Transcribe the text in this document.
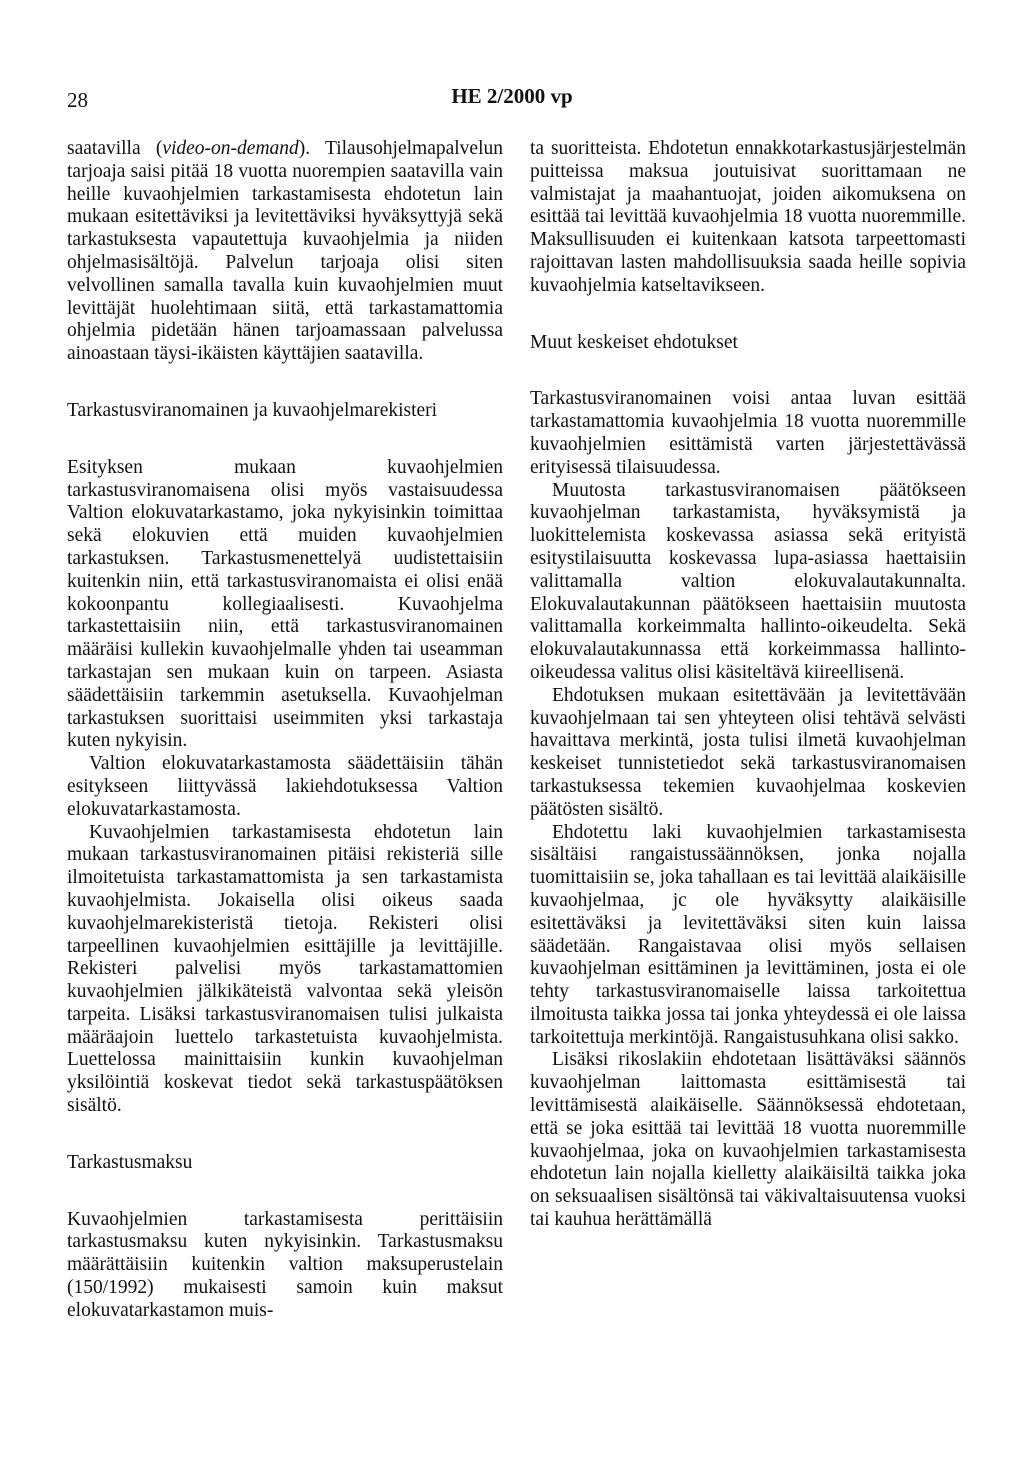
28	HE 2/2000 vp

saatavilla (video-on-demand). Tilausohjelmapalvelun tarjoaja saisi pitää 18 vuotta nuorempien saatavilla vain heille kuvaohjelmien tarkastamisesta ehdotetun lain mukaan esitettäviksi ja levitettäviksi hyväksyttyjä sekä tarkastuksesta vapautettuja kuvaohjelmia ja niiden ohjelmasisältöjä. Palvelun tarjoaja olisi siten velvollinen samalla tavalla kuin kuvaohjelmien muut levittäjät huolehtimaan siitä, että tarkastamattomia ohjelmia pidetään hänen tarjoamassaan palvelussa ainoastaan täysi-ikäisten käyttäjien saatavilla.

Tarkastusviranomainen ja kuvaohjelmarekisteri

Esityksen mukaan kuvaohjelmien tarkastusviranomaisena olisi myös vastaisuudessa Valtion elokuvatarkastamo, joka nykyisinkin toimittaa sekä elokuvien että muiden kuvaohjelmien tarkastuksen. Tarkastusmenettelyä uudistettaisiin kuitenkin niin, että tarkastusviranomaista ei olisi enää kokoonpantu kollegiaalisesti. Kuvaohjelma tarkastettaisiin niin, että tarkastusviranomainen määräisi kullekin kuvaohjelmalle yhden tai useamman tarkastajan sen mukaan kuin on tarpeen. Asiasta säädettäisiin tarkemmin asetuksella. Kuvaohjelman tarkastuksen suorittaisi useimmiten yksi tarkastaja kuten nykyisin.

Valtion elokuvatarkastamosta säädettäisiin tähän esitykseen liittyvässä lakiehdotuksessa Valtion elokuvatarkastamosta.

Kuvaohjelmien tarkastamisesta ehdotetun lain mukaan tarkastusviranomainen pitäisi rekisteriä sille ilmoitetuista tarkastamattomista ja sen tarkastamista kuvaohjelmista. Jokaisella olisi oikeus saada kuvaohjelmarekisteristä tietoja. Rekisteri olisi tarpeellinen kuvaohjelmien esittäjille ja levittäjille. Rekisteri palvelisi myös tarkastamattomien kuvaohjelmien jälkikäteistä valvontaa sekä yleisön tarpeita. Lisäksi tarkastusviranomaisen tulisi julkaista määräajoin luettelo tarkastetuista kuvaohjelmista. Luettelossa mainittaisiin kunkin kuvaohjelman yksilöintiä koskevat tiedot sekä tarkastuspäätöksen sisältö.

Tarkastusmaksu

Kuvaohjelmien tarkastamisesta perittäisiin tarkastusmaksu kuten nykyisinkin. Tarkastusmaksu määrättäisiin kuitenkin valtion maksuperustelain (150/1992) mukaisesti samoin kuin maksut elokuvatarkastamon muis-

ta suoritteista. Ehdotetun ennakkotarkastusjärjestelmän puitteissa maksua joutuisivat suorittamaan ne valmistajat ja maahantuojat, joiden aikomuksena on esittää tai levittää kuvaohjelmia 18 vuotta nuoremmille. Maksullisuuden ei kuitenkaan katsota tarpeettomasti rajoittavan lasten mahdollisuuksia saada heille sopivia kuvaohjelmia katseltavikseen.

Muut keskeiset ehdotukset

Tarkastusviranomainen voisi antaa luvan esittää tarkastamattomia kuvaohjelmia 18 vuotta nuoremmille kuvaohjelmien esittämistä varten järjestettävässä erityisessä tilaisuudessa.

Muutosta tarkastusviranomaisen päätökseen kuvaohjelman tarkastamista, hyväksymistä ja luokittelemista koskevassa asiassa sekä erityistä esitystilaisuutta koskevassa lupa-asiassa haettaisiin valittamalla valtion elokuvalautakunnalta. Elokuvalautakunnan päätökseen haettaisiin muutosta valittamalla korkeimmalta hallinto-oikeudelta. Sekä elokuvalautakunnassa että korkeimmassa hallinto-oikeudessa valitus olisi käsiteltävä kiireellisenä.

Ehdotuksen mukaan esitettävään ja levitettävään kuvaohjelmaan tai sen yhteyteen olisi tehtävä selvästi havaittava merkintä, josta tulisi ilmetä kuvaohjelman keskeiset tunnistetiedot sekä tarkastusviranomaisen tarkastuksessa tekemien kuvaohjelmaa koskevien päätösten sisältö.

Ehdotettu laki kuvaohjelmien tarkastamisesta sisältäisi rangaistussäännöksen, jonka nojalla tuomittaisiin se, joka tahallaan es tai levittää alaikäisille kuvaohjelmaa, jc ole hyväksytty alaikäisille esitettäväksi ja levitettäväksi siten kuin laissa säädetään. Rangaistavaa olisi myös sellaisen kuvaohjelman esittäminen ja levittäminen, josta ei ole tehty tarkastusviranomaiselle laissa tarkoitettua ilmoitusta taikka jossa tai jonka yhteydessä ei ole laissa tarkoitettuja merkintöjä. Rangaistusuhkana olisi sakko.

Lisäksi rikoslakiin ehdotetaan lisättäväksi säännös kuvaohjelman laittomasta esittämisestä tai levittämisestä alaikäiselle. Säännöksessä ehdotetaan, että se joka esittää tai levittää 18 vuotta nuoremmille kuvaohjelmaa, joka on kuvaohjelmien tarkastamisesta ehdotetun lain nojalla kielletty alaikäisiltä taikka joka on seksuaalisen sisältönsä tai väkivaltaisuutensa vuoksi tai kauhua herättämällä
